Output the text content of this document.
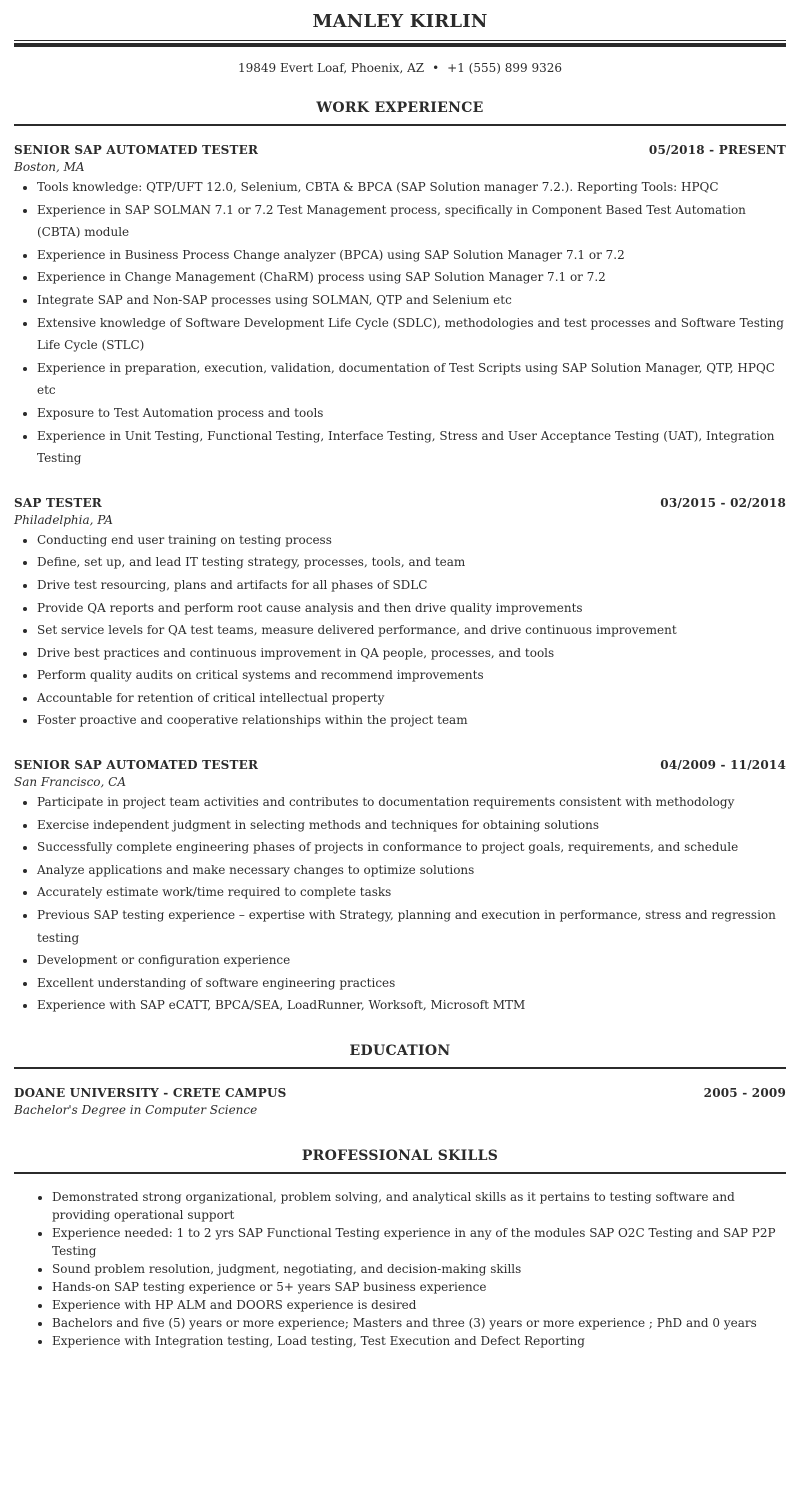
MANLEY KIRLIN
19849 Evert Loaf, Phoenix, AZ • +1 (555) 899 9326
WORK EXPERIENCE
SENIOR SAP AUTOMATED TESTER	05/2018 - PRESENT
Boston, MA
• Tools knowledge: QTP/UFT 12.0, Selenium, CBTA & BPCA (SAP Solution manager 7.2.). Reporting Tools: HPQC
• Experience in SAP SOLMAN 7.1 or 7.2 Test Management process, specifically in Component Based Test Automation (CBTA) module
• Experience in Business Process Change analyzer (BPCA) using SAP Solution Manager 7.1 or 7.2
• Experience in Change Management (ChaRM) process using SAP Solution Manager 7.1 or 7.2
• Integrate SAP and Non-SAP processes using SOLMAN, QTP and Selenium etc
• Extensive knowledge of Software Development Life Cycle (SDLC), methodologies and test processes and Software Testing Life Cycle (STLC)
• Experience in preparation, execution, validation, documentation of Test Scripts using SAP Solution Manager, QTP, HPQC etc
• Exposure to Test Automation process and tools
• Experience in Unit Testing, Functional Testing, Interface Testing, Stress and User Acceptance Testing (UAT), Integration Testing
SAP TESTER	03/2015 - 02/2018
Philadelphia, PA
• Conducting end user training on testing process
• Define, set up, and lead IT testing strategy, processes, tools, and team
• Drive test resourcing, plans and artifacts for all phases of SDLC
• Provide QA reports and perform root cause analysis and then drive quality improvements
• Set service levels for QA test teams, measure delivered performance, and drive continuous improvement
• Drive best practices and continuous improvement in QA people, processes, and tools
• Perform quality audits on critical systems and recommend improvements
• Accountable for retention of critical intellectual property
• Foster proactive and cooperative relationships within the project team
SENIOR SAP AUTOMATED TESTER	04/2009 - 11/2014
San Francisco, CA
• Participate in project team activities and contributes to documentation requirements consistent with methodology
• Exercise independent judgment in selecting methods and techniques for obtaining solutions
• Successfully complete engineering phases of projects in conformance to project goals, requirements, and schedule
• Analyze applications and make necessary changes to optimize solutions
• Accurately estimate work/time required to complete tasks
• Previous SAP testing experience – expertise with Strategy, planning and execution in performance, stress and regression testing
• Development or configuration experience
• Excellent understanding of software engineering practices
• Experience with SAP eCATT, BPCA/SEA, LoadRunner, Worksoft, Microsoft MTM
EDUCATION
DOANE UNIVERSITY - CRETE CAMPUS	2005 - 2009
Bachelor's Degree in Computer Science
PROFESSIONAL SKILLS
• Demonstrated strong organizational, problem solving, and analytical skills as it pertains to testing software and providing operational support
• Experience needed: 1 to 2 yrs SAP Functional Testing experience in any of the modules SAP O2C Testing and SAP P2P Testing
• Sound problem resolution, judgment, negotiating, and decision-making skills
• Hands-on SAP testing experience or 5+ years SAP business experience
• Experience with HP ALM and DOORS experience is desired
• Bachelors and five (5) years or more experience; Masters and three (3) years or more experience ; PhD and 0 years
• Experience with Integration testing, Load testing, Test Execution and Defect Reporting
